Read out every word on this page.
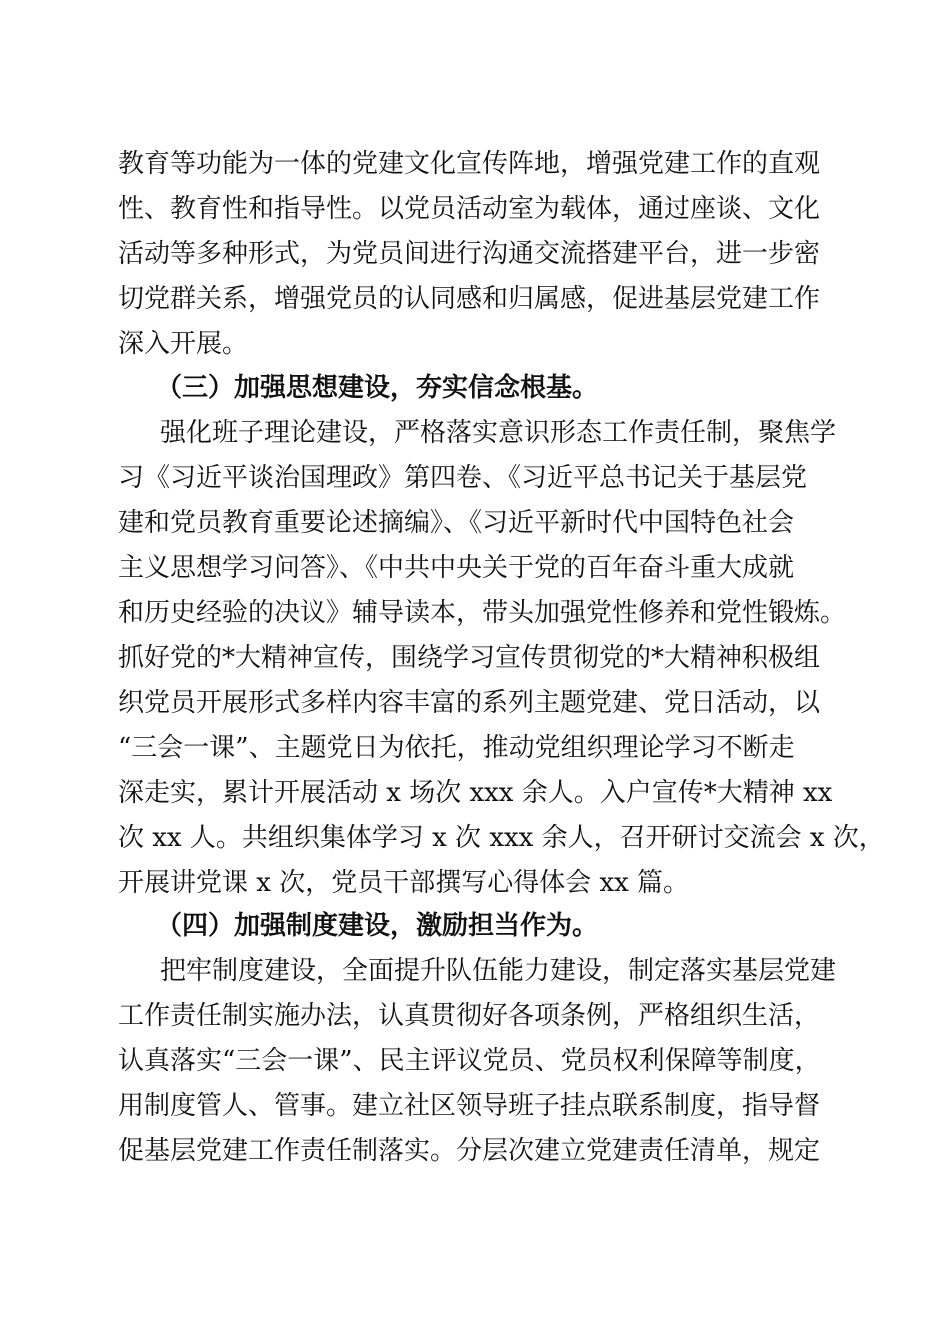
教育等功能为一体的党建文化宣传阵地，增强党建工作的直观
性、教育性和指导性。以党员活动室为载体，通过座谈、文化
活动等多种形式，为党员间进行沟通交流搭建平台，进一步密
切党群关系，增强党员的认同感和归属感，促进基层党建工作
深入开展。
（三）加强思想建设，夯实信念根基。
强化班子理论建设，严格落实意识形态工作责任制，聚焦学
习《习近平谈治国理政》第四卷、《习近平总书记关于基层党
建和党员教育重要论述摘编》、《习近平新时代中国特色社会
主义思想学习问答》、《中共中央关于党的百年奋斗重大成就
和历史经验的决议》辅导读本，带头加强党性修养和党性锻炼。
抓好党的*大精神宣传，围绕学习宣传贯彻党的*大精神积极组
织党员开展形式多样内容丰富的系列主题党建、党日活动，以
“三会一课”、主题党日为依托，推动党组织理论学习不断走
深走实，累计开展活动 x 场次 xxx 余人。入户宣传*大精神 xx
次 xx 人。共组织集体学习 x 次 xxx 余人，召开研讨交流会 x 次，
开展讲党课 x 次，党员干部撰写心得体会 xx 篇。
（四）加强制度建设，激励担当作为。
把牢制度建设，全面提升队伍能力建设，制定落实基层党建
工作责任制实施办法，认真贯彻好各项条例，严格组织生活，
认真落实“三会一课”、民主评议党员、党员权利保障等制度，
用制度管人、管事。建立社区领导班子挂点联系制度，指导督
促基层党建工作责任制落实。分层次建立党建责任清单，规定
